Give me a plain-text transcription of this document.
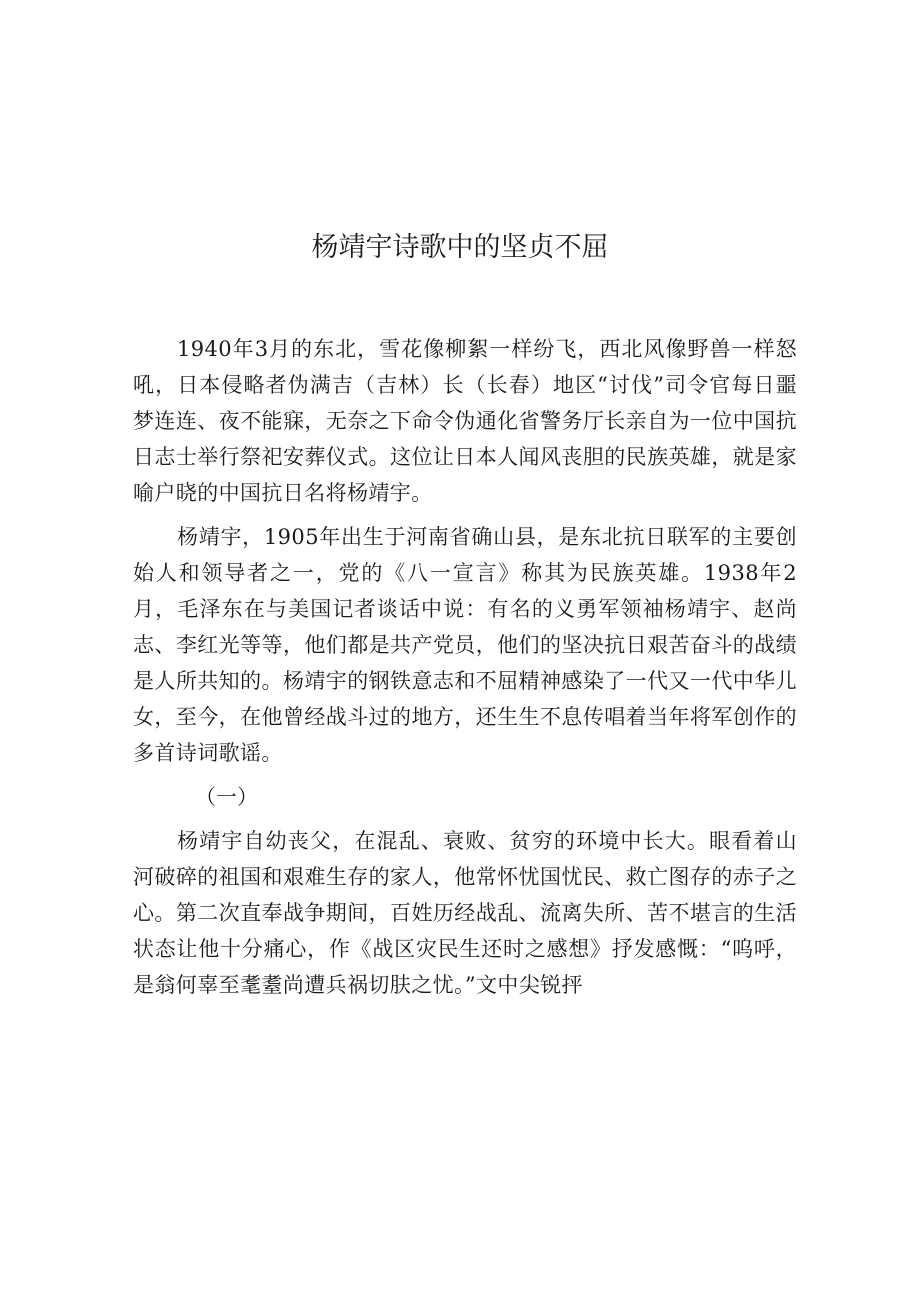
杨靖宇诗歌中的坚贞不屈

1940年3月的东北，雪花像柳絮一样纷飞，西北风像野兽一样怒吼，日本侵略者伪满吉（吉林）长（长春）地区“讨伐”司令官每日噩梦连连、夜不能寐，无奈之下命令伪通化省警务厅长亲自为一位中国抗日志士举行祭祀安葬仪式。这位让日本人闻风丧胆的民族英雄，就是家喻户晓的中国抗日名将杨靖宇。

杨靖宇，1905年出生于河南省确山县，是东北抗日联军的主要创始人和领导者之一，党的《八一宣言》称其为民族英雄。1938年2月，毛泽东在与美国记者谈话中说：有名的义勇军领袖杨靖宇、赵尚志、李红光等等，他们都是共产党员，他们的坚决抗日艰苦奋斗的战绩是人所共知的。杨靖宇的钢铁意志和不屈精神感染了一代又一代中华儿女，至今，在他曾经战斗过的地方，还生生不息传唱着当年将军创作的多首诗词歌谣。

（一）

杨靖宇自幼丧父，在混乱、衰败、贫穷的环境中长大。眼看着山河破碎的祖国和艰难生存的家人，他常怀忧国忧民、救亡图存的赤子之心。第二次直奉战争期间，百姓历经战乱、流离失所、苦不堪言的生活状态让他十分痛心，作《战区灾民生还时之感想》抒发感慨：“呜呼，是翁何辜至耄耋尚遭兵祸切肤之忧。”文中尖锐抨
